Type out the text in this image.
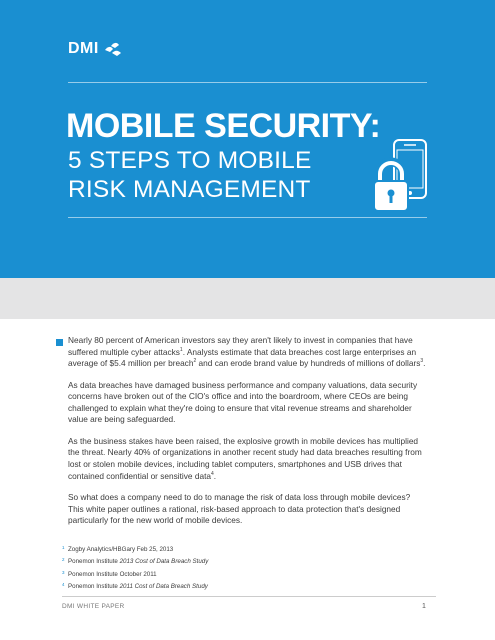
DMI
MOBILE SECURITY:
5 STEPS TO MOBILE
RISK MANAGEMENT

Nearly 80 percent of American investors say they aren't likely to invest in companies that have suffered multiple cyber attacks$^1$. Analysts estimate that data breaches cost large enterprises an average of $5.4 million per breach$^2$ and can erode brand value by hundreds of millions of dollars$^3$.

As data breaches have damaged business performance and company valuations, data security concerns have broken out of the CIO's office and into the boardroom, where CEOs are being challenged to explain what they're doing to ensure that vital revenue streams and shareholder value are being safeguarded.

As the business stakes have been raised, the explosive growth in mobile devices has multiplied the threat. Nearly 40% of organizations in another recent study had data breaches resulting from lost or stolen mobile devices, including tablet computers, smartphones and USB drives that contained confidential or sensitive data$^4$.

So what does a company need to do to manage the risk of data loss through mobile devices? This white paper outlines a rational, risk-based approach to data protection that's designed particularly for the new world of mobile devices.

1 Zogby Analytics/HBGary Feb 25, 2013
2 Ponemon Institute 2013 Cost of Data Breach Study
3 Ponemon Institute October 2011
4 Ponemon Institute 2011 Cost of Data Breach Study
DMI WHITE PAPER	1
